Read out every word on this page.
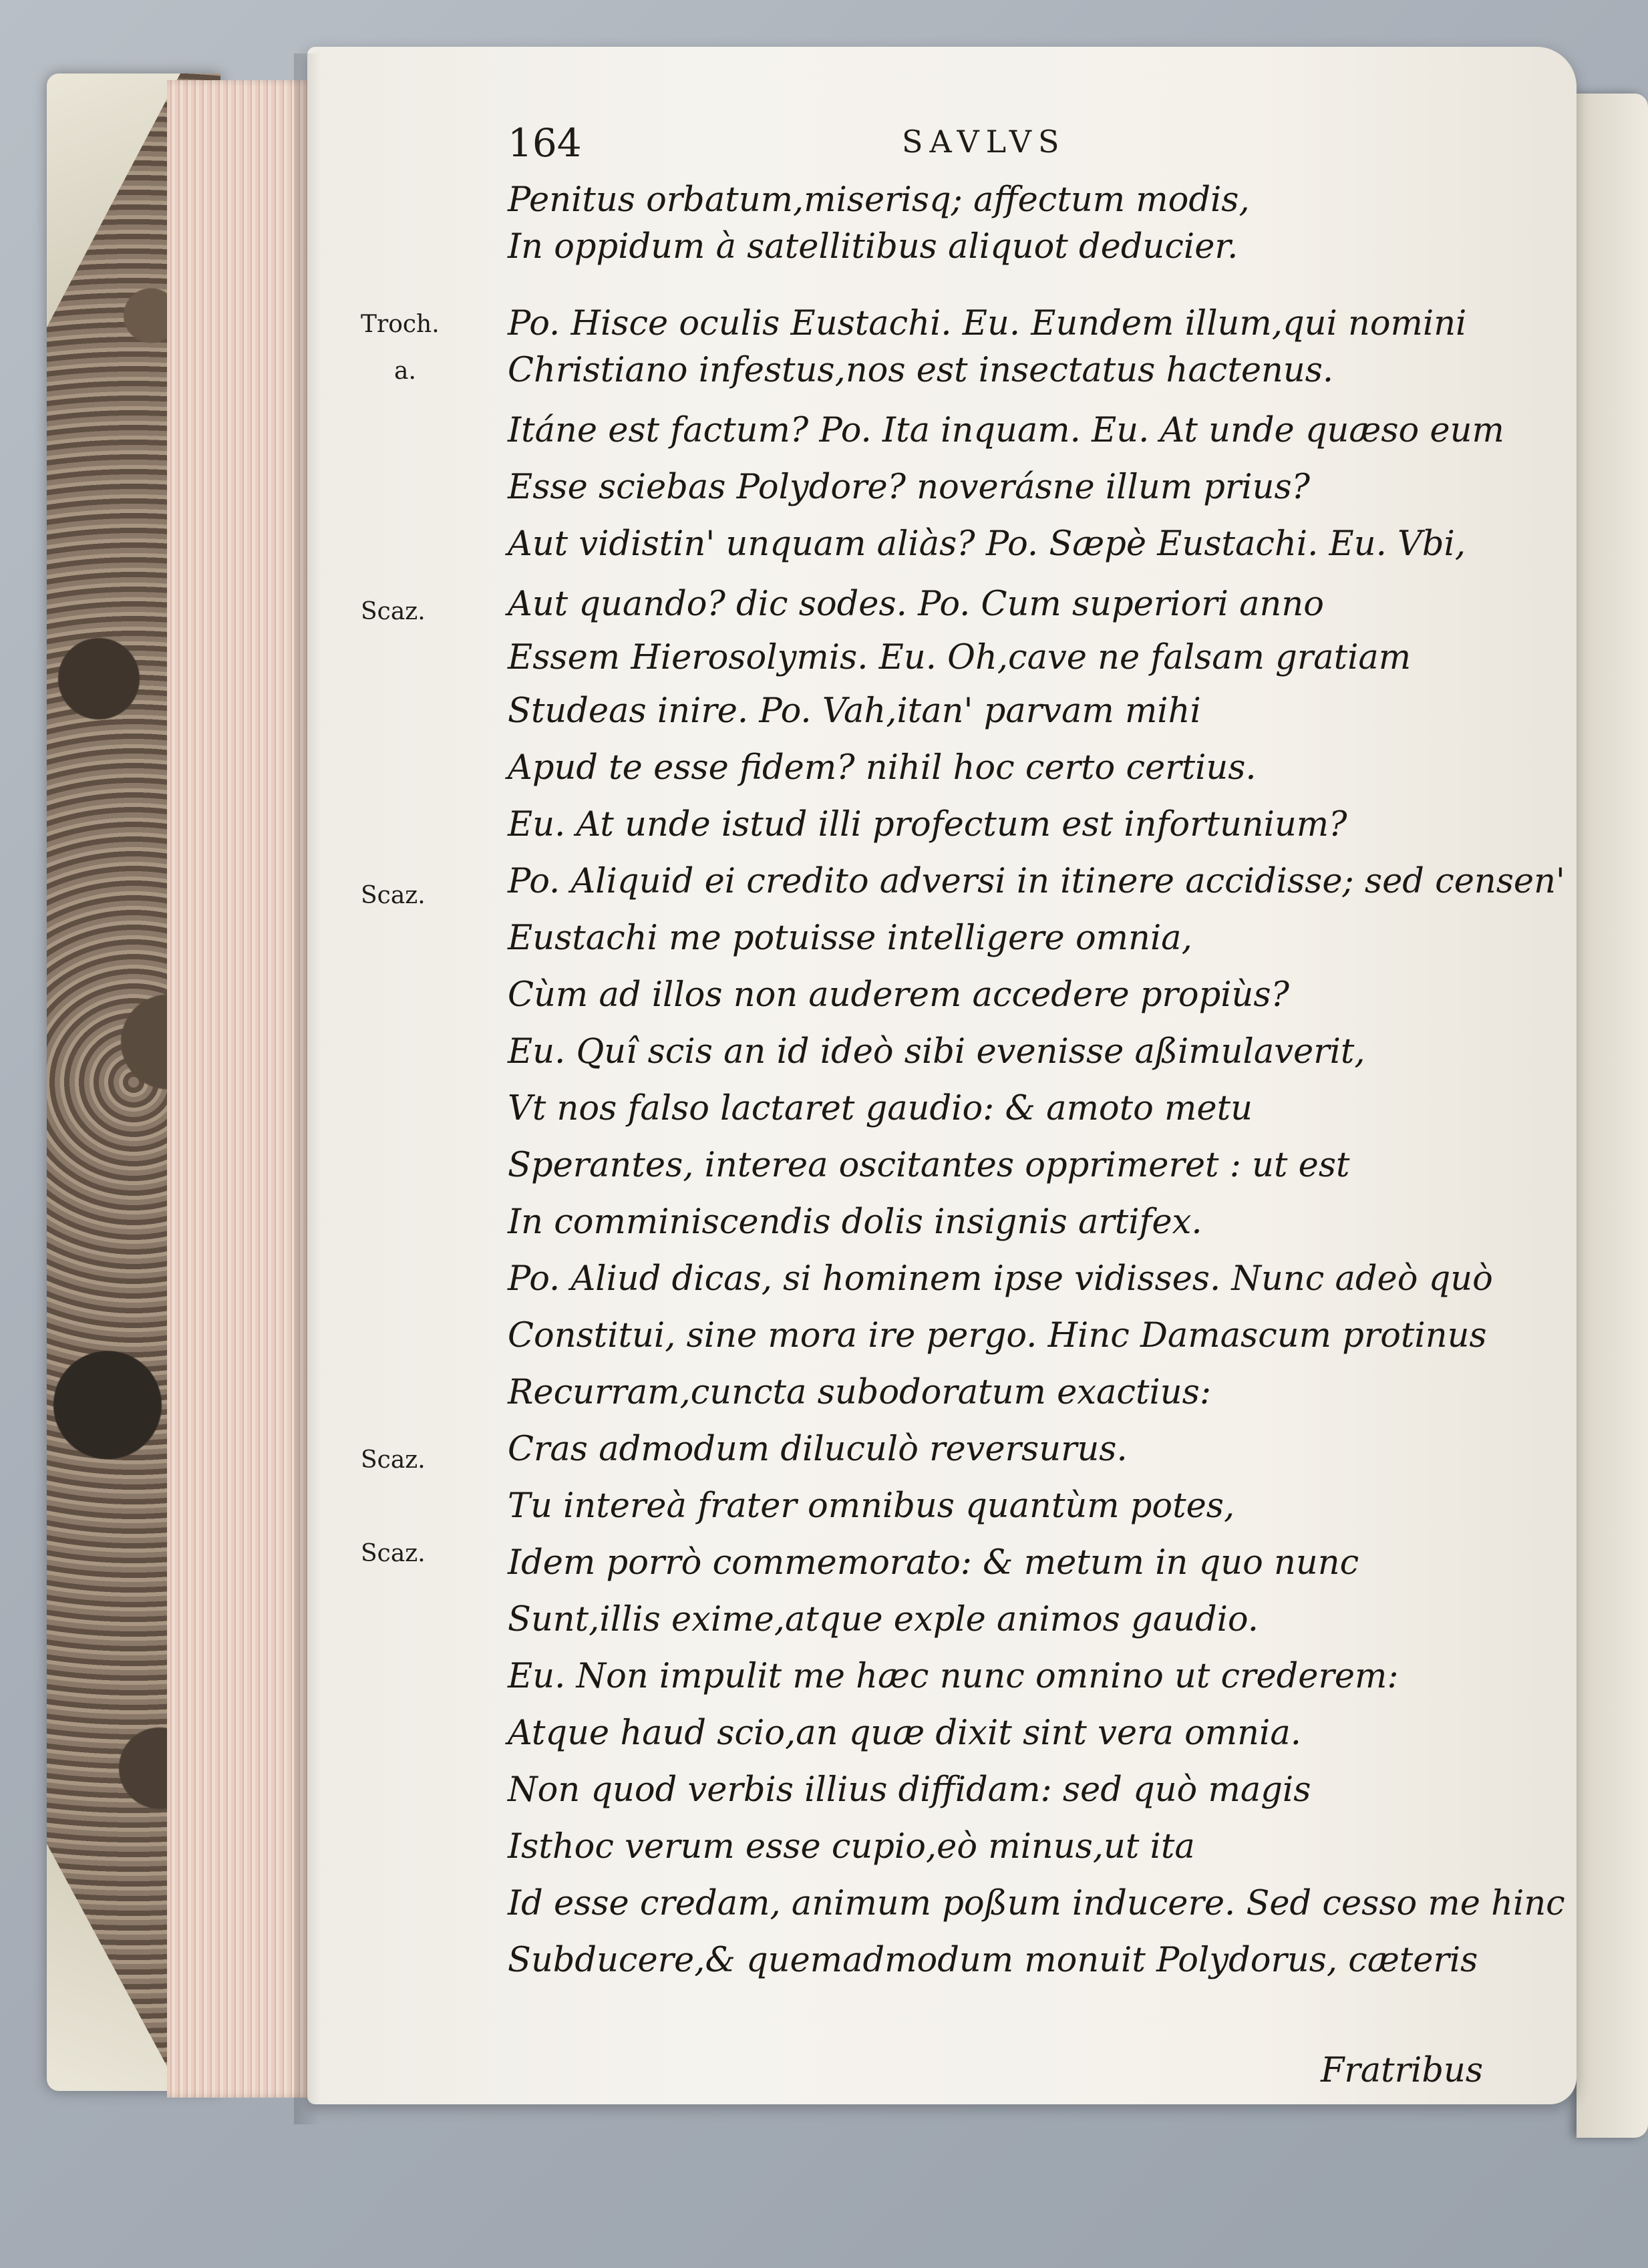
164	SAVLVS
Troch.
a.
Scaz.
Scaz.
Scaz.
Scaz.
Penitus orbatum,miserisq; affectum modis,
In oppidum à satellitibus aliquot deducier.
Po. Hisce oculis Eustachi. Eu. Eundem illum,qui nomini
Christiano infestus,nos est insectatus hactenus.
Itáne est factum? Po. Ita inquam. Eu. At unde quæso eum
Esse sciebas Polydore? noverásne illum prius?
Aut vidistin' unquam aliàs? Po. Sæpè Eustachi. Eu. Vbi,
Aut quando? dic sodes. Po. Cum superiori anno
Essem Hierosolymis. Eu. Oh,cave ne falsam gratiam
Studeas inire. Po. Vah,itan' parvam mihi
Apud te esse fidem? nihil hoc certo certius.
Eu. At unde istud illi profectum est infortunium?
Po. Aliquid ei credito adversi in itinere accidisse; sed censen'
Eustachi me potuisse intelligere omnia,
Cùm ad illos non auderem accedere propiùs?
Eu. Quî scis an id ideò sibi evenisse aßimulaverit,
Vt nos falso lactaret gaudio: & amoto metu
Sperantes, interea oscitantes opprimeret : ut est
In comminiscendis dolis insignis artifex.
Po. Aliud dicas, si hominem ipse vidisses. Nunc adeò quò
Constitui, sine mora ire pergo. Hinc Damascum protinus
Recurram,cuncta subodoratum exactius:
Cras admodum diluculò reversurus.
Tu intereà frater omnibus quantùm potes,
Idem porrò commemorato: & metum in quo nunc
Sunt,illis exime,atque exple animos gaudio.
Eu. Non impulit me hæc nunc omnino ut crederem:
Atque haud scio,an quæ dixit sint vera omnia.
Non quod verbis illius diffidam: sed quò magis
Isthoc verum esse cupio,eò minus,ut ita
Id esse credam, animum poßum inducere. Sed cesso me hinc
Subducere,& quemadmodum monuit Polydorus, cæteris
Fratribus
